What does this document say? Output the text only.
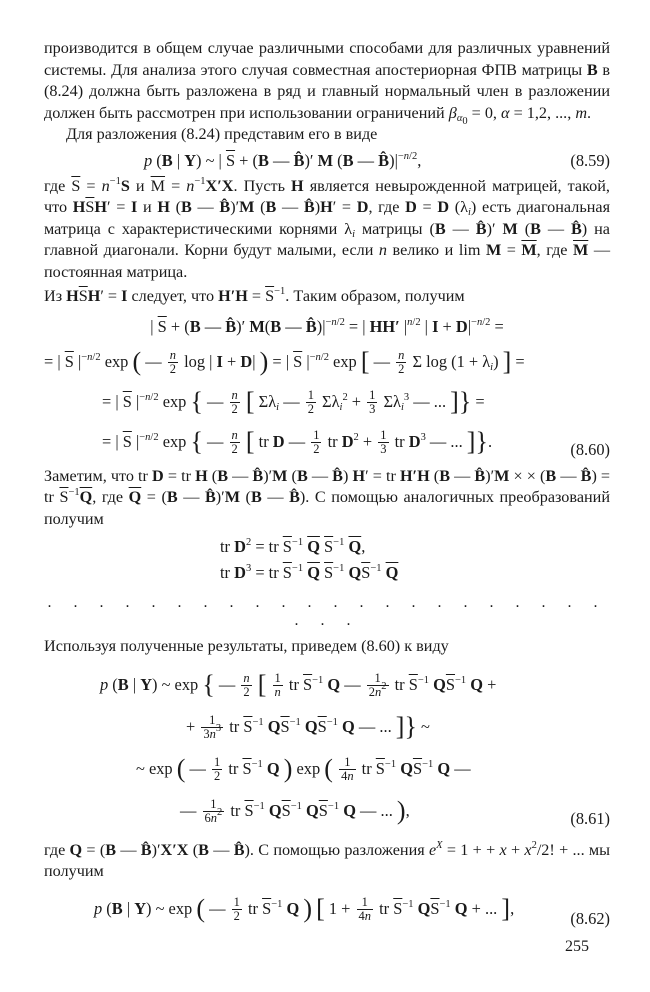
производится в общем случае различными способами для различных уравнений системы. Для анализа этого случая совместная апостериорная ФПВ матрицы B в (8.24) должна быть разложена в ряд и главный нормальный член в разложении должен быть рассмотрен при использовании ограничений $\beta_{\alpha_0} = 0$, α = 1,2, ..., m.

Для разложения (8.24) представим его в виде

p (B | Y) ~ | $\overline{S} + (B$ — B̂)′ M (B — $B̂)|^{-n/2}$,	(8.59)

где $\overline{S} = n^{-1}S$ и $\overline{M} = n^{-1}X'X$. Пусть H является невырожденной матрицей, такой, что $H\overline{S}H' = I$ и H (B — B̂)′M (B — B̂)H′ = D, где D = D $(\lambda_i)$ есть диагональная матрица с характеристическими корнями $\lambda_i$ матрицы (B — B̂)′ M (B — B̂) на главной диагонали. Корни будут малыми, если n велико и $\lim M = \overline{M}$, где $\overline{M}$ — постоянная матрица.

Из $H\overline{S}H' = I$ следует, что $H'H = \overline{S}^{-1}$. Таким образом, получим

| $\overline{S} + (B$ — B̂)′ M(B — $B̂)|^{-n/2}$ = | HH′ $|^{n/2}$ | $I + D|^{-n/2}$ =
= | $\overline{S}$ $|^{-n/2}$ exp ( — $\frac{n}{2}$ log | I + D| ) = | $\overline{S}$ $|^{-n/2}$ exp [ — $\frac{n}{2}$ Σ $\log (1 + \lambda_i)$ ] =
= | $\overline{S}$ $|^{-n/2}$ exp { — $\frac{n}{2}$ [ $\Sigma\lambda_i$ — $\frac{1}{2} \Sigma\lambda_i^2 + \frac{1}{3} \Sigma\lambda_i^3$ — ... ]} =
= | $\overline{S}$ $|^{-n/2}$ exp { — $\frac{n}{2}$ [ tr D — $\frac{1}{2}$ tr $D^2 + \frac{1}{3}$ tr $D^3$ — ... ]}.	(8.60)

Заметим, что tr D = tr H (B — B̂)′M (B — B̂) H′ = tr H′H (B — B̂)′M × × (B — B̂) = tr $\overline{S}^{-1}\overline{Q}$, где $\overline{Q} = (B$ — B̂)′M (B — B̂). С помощью аналогичных преобразований получим

tr $D^2$ = tr $\overline{S}^{-1}$ $\overline{Q}$ $\overline{S}^{-1}$ $\overline{Q}$,
tr $D^3$ = tr $\overline{S}^{-1}$ $\overline{Q}$ $\overline{S}^{-1}$ $Q\overline{S}^{-1}$ $\overline{Q}$
. . . . . . . . . . . . . . . . . . . . . . . . .

Используя полученные результаты, приведем (8.60) к виду

p (B | Y) ~ exp { — $\frac{n}{2}$ [ $\frac{1}{n}$ tr $\overline{S}^{-1}$ Q — $\frac{1}{2n^2}$ tr $\overline{S}^{-1}$ $Q\overline{S}^{-1}$ Q +
+ $\frac{1}{3n^3}$ tr $\overline{S}^{-1}$ $Q\overline{S}^{-1}$ $Q\overline{S}^{-1}$ Q — ... ]} ~
~ exp ( — $\frac{1}{2}$ tr $\overline{S}^{-1}$ Q ) exp ( $\frac{1}{4n}$ tr $\overline{S}^{-1}$ $Q\overline{S}^{-1}$ Q —
— $\frac{1}{6n^2}$ tr $\overline{S}^{-1}$ $Q\overline{S}^{-1}$ $Q\overline{S}^{-1}$ Q — ... ),	(8.61)

где Q = (B — B̂)′X′X (B — B̂). С помощью разложения $e^X = 1$ + + $x + x^2/2$! + ... мы получим

p (B | Y) ~ exp ( — $\frac{1}{2}$ tr $\overline{S}^{-1}$ Q ) [ $1 + \frac{1}{4n}$ tr $\overline{S}^{-1}$ $Q\overline{S}^{-1}$ Q + ... ],
(8.62)
255
